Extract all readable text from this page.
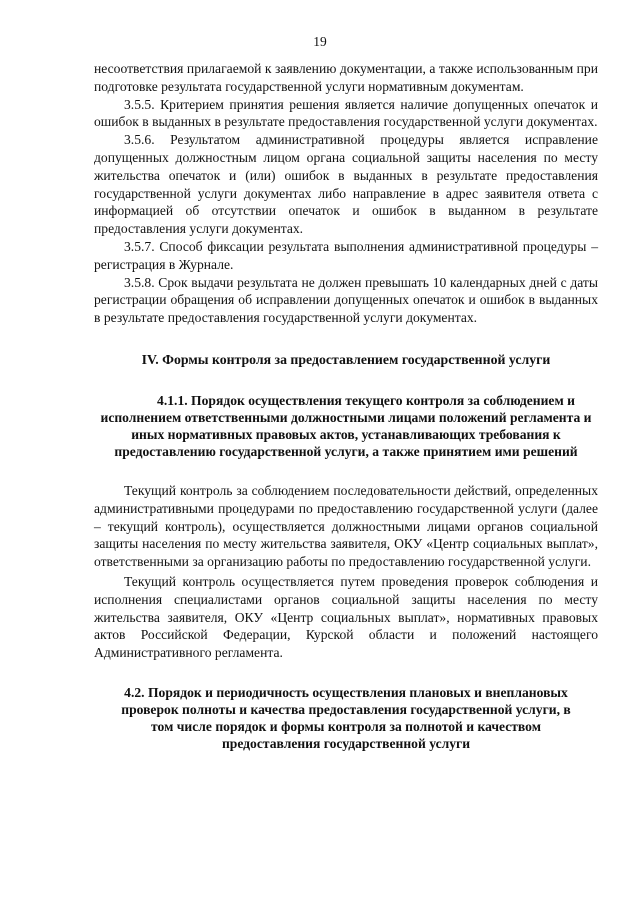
19

несоответствия прилагаемой к заявлению документации, а также использованным при подготовке результата государственной услуги нормативным документам.

3.5.5. Критерием принятия решения является наличие допущенных опечаток и ошибок в выданных в результате предоставления государственной услуги документах.

3.5.6. Результатом административной процедуры является исправление допущенных должностным лицом органа социальной защиты населения по месту жительства опечаток и (или) ошибок в выданных в результате предоставления государственной услуги документах либо направление в адрес заявителя ответа с информацией об отсутствии опечаток и ошибок в выданном в результате предоставления услуги документах.

3.5.7. Способ фиксации результата выполнения административной процедуры – регистрация в Журнале.

3.5.8. Срок выдачи результата не должен превышать 10 календарных дней с даты регистрации обращения об исправлении допущенных опечаток и ошибок в выданных в результате предоставления государственной услуги документах.

IV. Формы контроля за предоставлением государственной услуги
4.1.1. Порядок осуществления текущего контроля за соблюдением и исполнением ответственными должностными лицами положений регламента и иных нормативных правовых актов, устанавливающих требования к предоставлению государственной услуги, а также принятием ими решений

Текущий контроль за соблюдением последовательности действий, определенных административными процедурами по предоставлению государственной услуги (далее – текущий контроль), осуществляется должностными лицами органов социальной защиты населения по месту жительства заявителя, ОКУ «Центр социальных выплат», ответственными за организацию работы по предоставлению государственной услуги.

Текущий контроль осуществляется путем проведения проверок соблюдения и исполнения специалистами органов социальной защиты населения по месту жительства заявителя, ОКУ «Центр социальных выплат», нормативных правовых актов Российской Федерации, Курской области и положений настоящего Административного регламента.

4.2. Порядок и периодичность осуществления плановых и внеплановых проверок полноты и качества предоставления государственной услуги, в том числе порядок и формы контроля за полнотой и качеством предоставления государственной услуги
